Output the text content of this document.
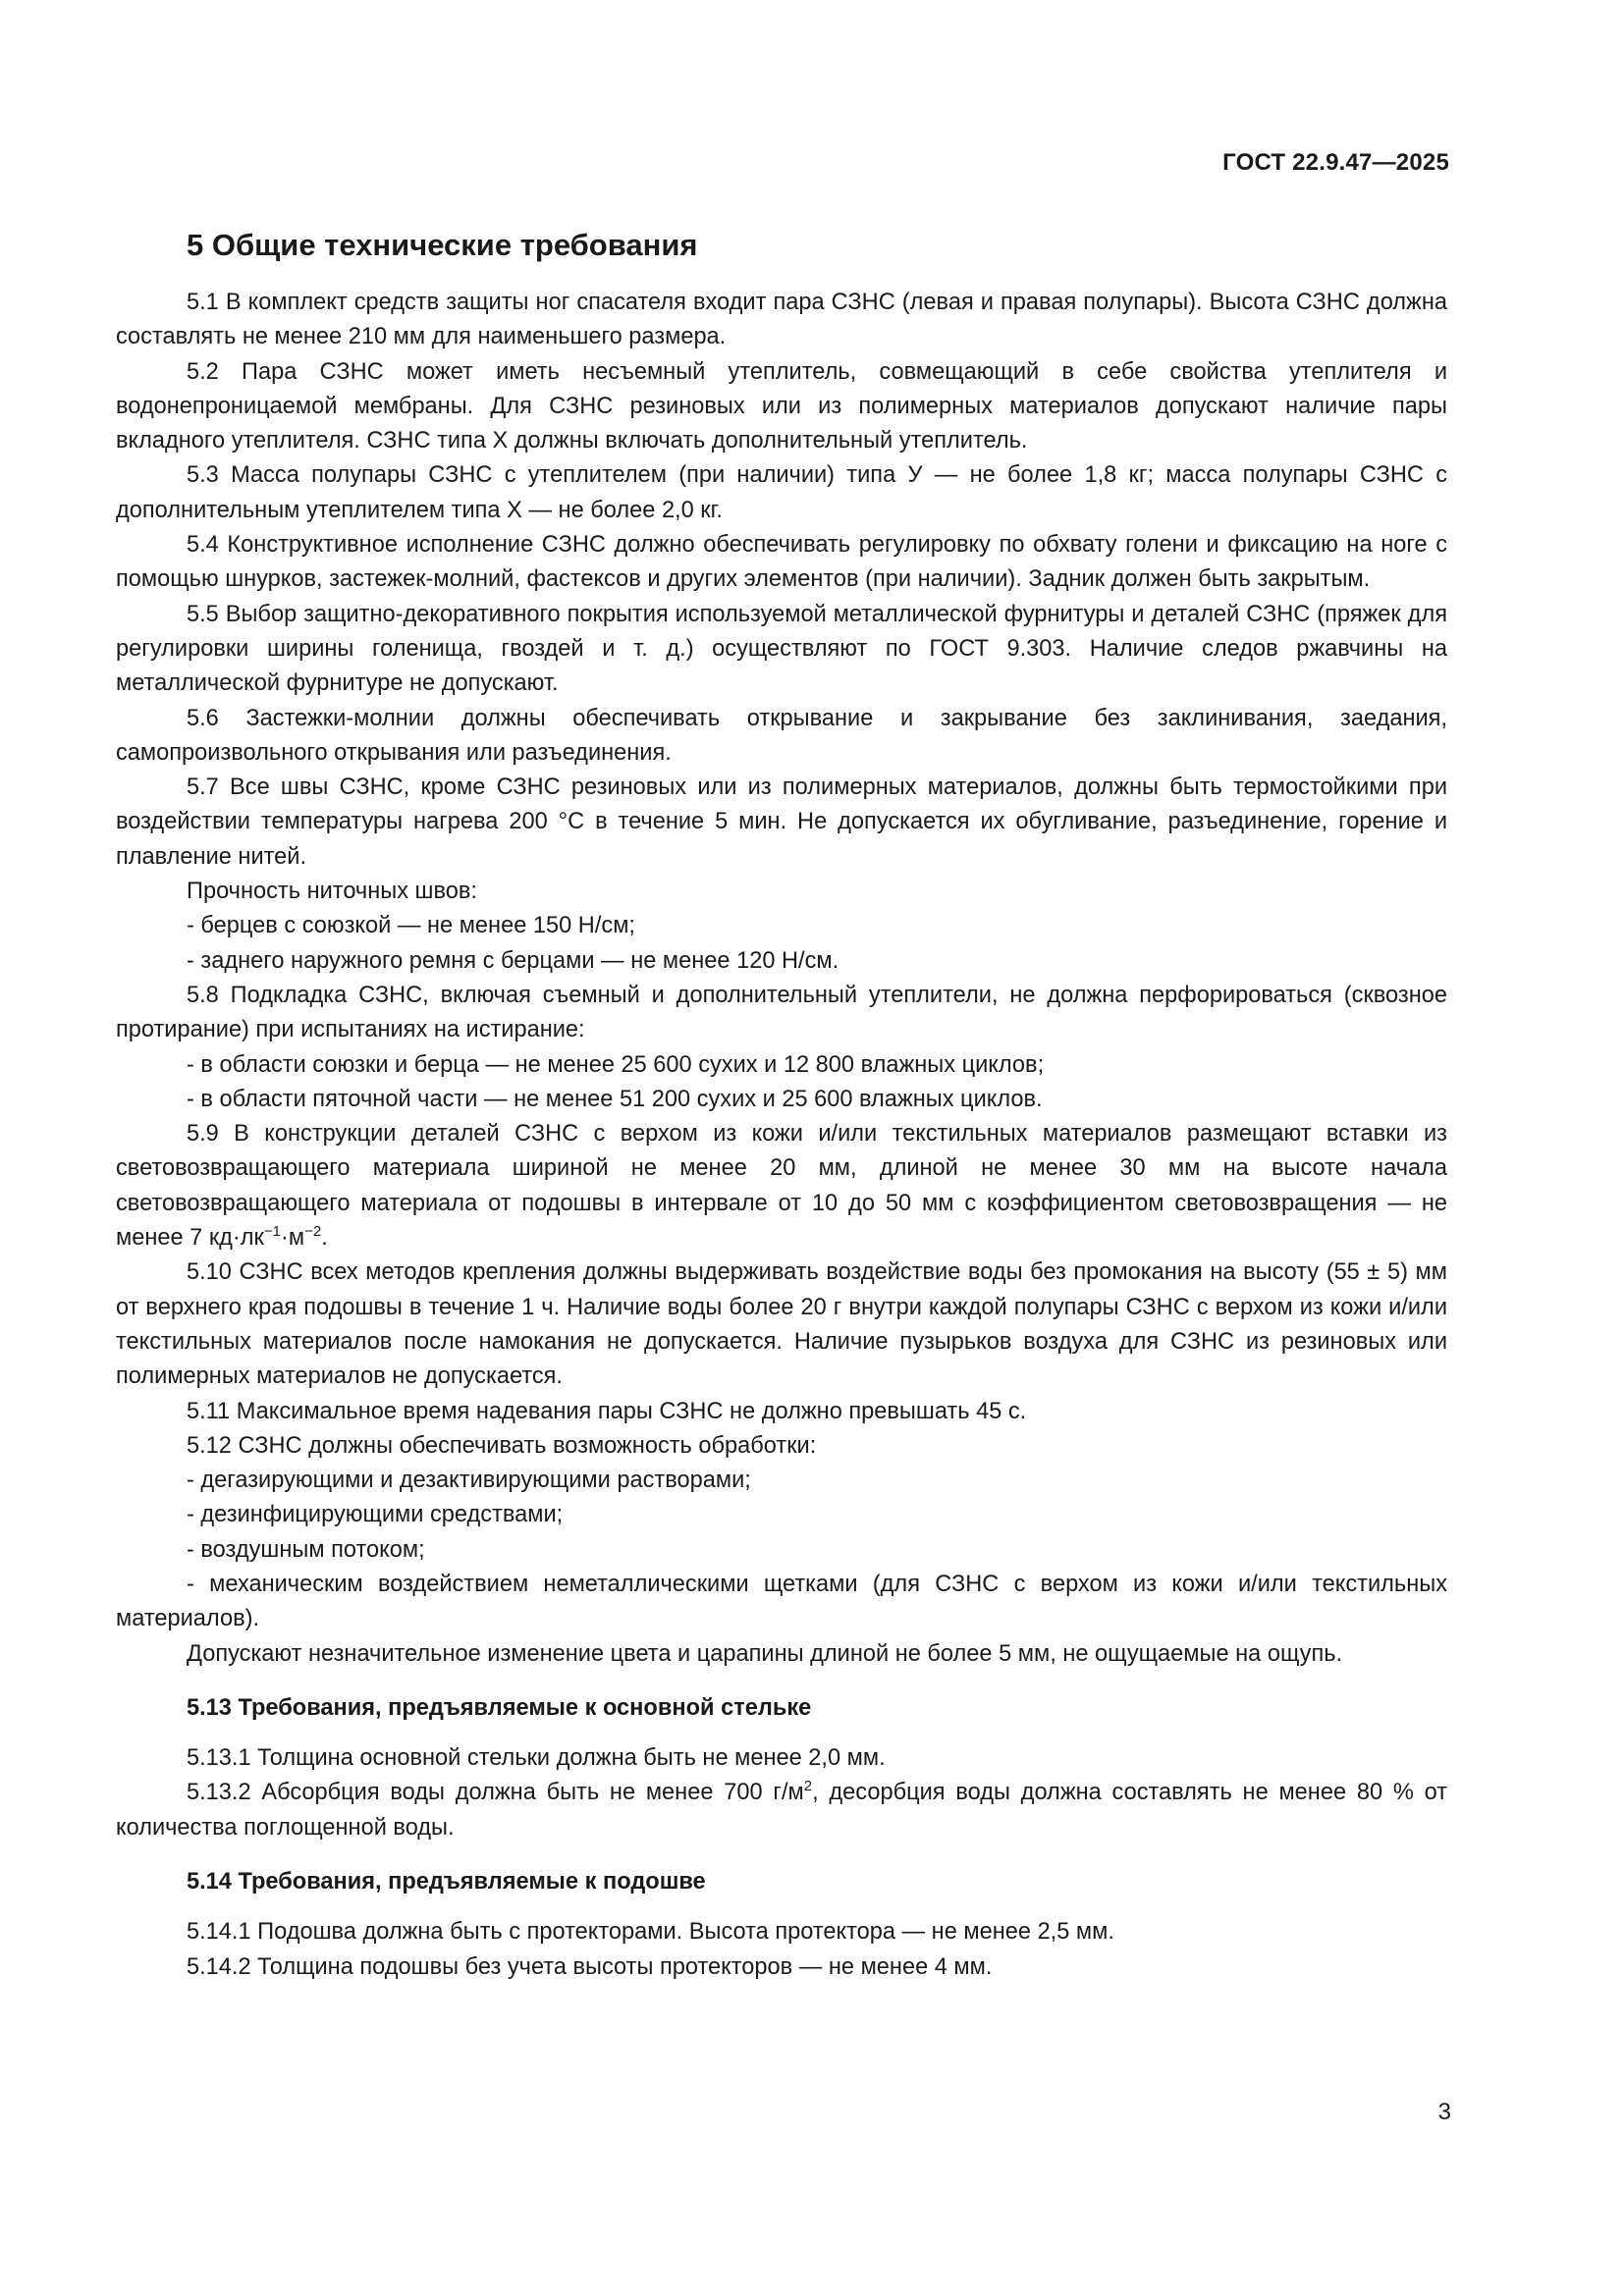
ГОСТ 22.9.47—2025
5 Общие технические требования

5.1 В комплект средств защиты ног спасателя входит пара СЗНС (левая и правая полупары). Высота СЗНС должна составлять не менее 210 мм для наименьшего размера.

5.2 Пара СЗНС может иметь несъемный утеплитель, совмещающий в себе свойства утеплителя и водонепроницаемой мембраны. Для СЗНС резиновых или из полимерных материалов допускают наличие пары вкладного утеплителя. СЗНС типа Х должны включать дополнительный утеплитель.

5.3 Масса полупары СЗНС с утеплителем (при наличии) типа У — не более 1,8 кг; масса полупары СЗНС с дополнительным утеплителем типа Х — не более 2,0 кг.

5.4 Конструктивное исполнение СЗНС должно обеспечивать регулировку по обхвату голени и фиксацию на ноге с помощью шнурков, застежек-молний, фастексов и других элементов (при наличии). Задник должен быть закрытым.

5.5 Выбор защитно-декоративного покрытия используемой металлической фурнитуры и деталей СЗНС (пряжек для регулировки ширины голенища, гвоздей и т. д.) осуществляют по ГОСТ 9.303. Наличие следов ржавчины на металлической фурнитуре не допускают.

5.6 Застежки-молнии должны обеспечивать открывание и закрывание без заклинивания, заедания, самопроизвольного открывания или разъединения.

5.7 Все швы СЗНС, кроме СЗНС резиновых или из полимерных материалов, должны быть термостойкими при воздействии температуры нагрева 200 °С в течение 5 мин. Не допускается их обугливание, разъединение, горение и плавление нитей.

Прочность ниточных швов:

- берцев с союзкой — не менее 150 Н/см;

- заднего наружного ремня с берцами — не менее 120 Н/см.

5.8 Подкладка СЗНС, включая съемный и дополнительный утеплители, не должна перфорироваться (сквозное протирание) при испытаниях на истирание:

- в области союзки и берца — не менее 25 600 сухих и 12 800 влажных циклов;

- в области пяточной части — не менее 51 200 сухих и 25 600 влажных циклов.

5.9 В конструкции деталей СЗНС с верхом из кожи и/или текстильных материалов размещают вставки из световозвращающего материала шириной не менее 20 мм, длиной не менее 30 мм на высоте начала световозвращающего материала от подошвы в интервале от 10 до 50 мм с коэффициентом световозвращения — не менее 7 $кд\cdot лк^{-1}\cdot м^{-2}$.

5.10 СЗНС всех методов крепления должны выдерживать воздействие воды без промокания на высоту (55 ± 5) мм от верхнего края подошвы в течение 1 ч. Наличие воды более 20 г внутри каждой полупары СЗНС с верхом из кожи и/или текстильных материалов после намокания не допускается. Наличие пузырьков воздуха для СЗНС из резиновых или полимерных материалов не допускается.

5.11 Максимальное время надевания пары СЗНС не должно превышать 45 с.

5.12 СЗНС должны обеспечивать возможность обработки:

- дегазирующими и дезактивирующими растворами;

- дезинфицирующими средствами;

- воздушным потоком;

- механическим воздействием неметаллическими щетками (для СЗНС с верхом из кожи и/или текстильных материалов).

Допускают незначительное изменение цвета и царапины длиной не более 5 мм, не ощущаемые на ощупь.

5.13 Требования, предъявляемые к основной стельке

5.13.1 Толщина основной стельки должна быть не менее 2,0 мм.

5.13.2 Абсорбция воды должна быть не менее 700 $г/м^2$, десорбция воды должна составлять не менее 80 % от количества поглощенной воды.

5.14 Требования, предъявляемые к подошве

5.14.1 Подошва должна быть с протекторами. Высота протектора — не менее 2,5 мм.

5.14.2 Толщина подошвы без учета высоты протекторов — не менее 4 мм.

3
